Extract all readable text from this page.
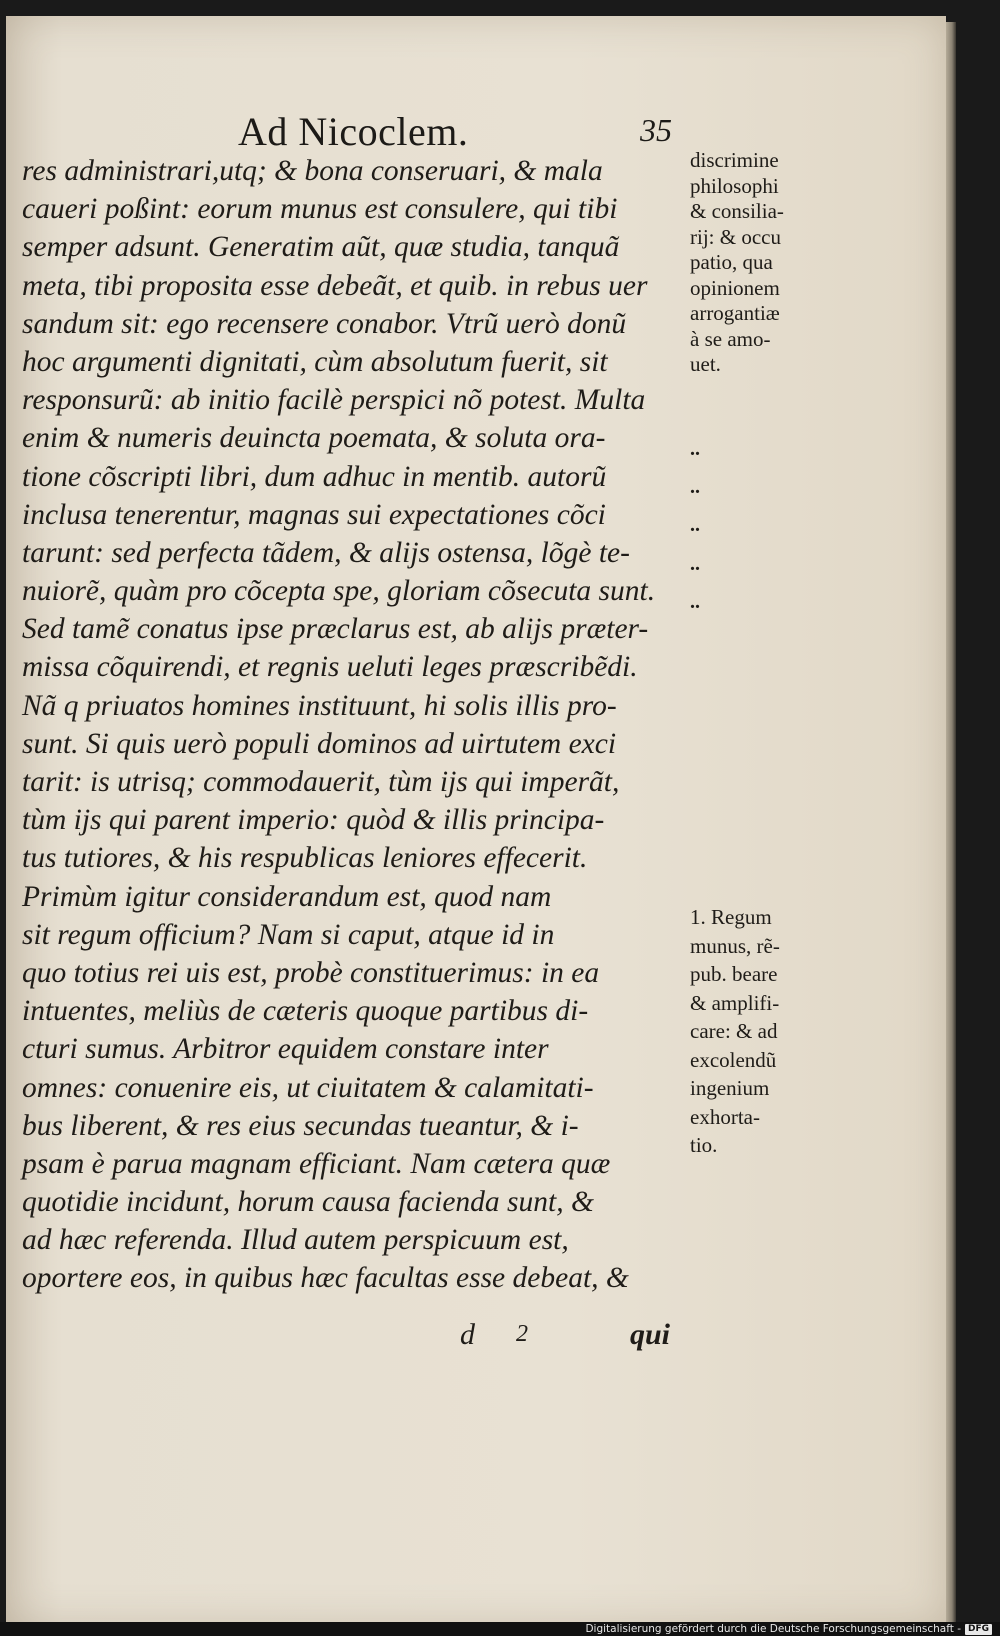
Ad Nicoclem.	35
res administrari,utq; & bona conseruari, & mala
caueri poßint: eorum munus est consulere, qui tibi
semper adsunt. Generatim aũt, quæ studia, tanquã
meta, tibi proposita esse debeãt, et quib. in rebus uer
sandum sit: ego recensere conabor. Vtrũ uerò donũ
hoc argumenti dignitati, cùm absolutum fuerit, sit
responsurũ: ab initio facilè perspici nõ potest. Multa
enim & numeris deuincta poemata, & soluta ora-
tione cõscripti libri, dum adhuc in mentib. autorũ
inclusa tenerentur, magnas sui expectationes cõci
tarunt: sed perfecta tãdem, & alijs ostensa, lõgè te-
nuiorẽ, quàm pro cõcepta spe, gloriam cõsecuta sunt.
Sed tamẽ conatus ipse præclarus est, ab alijs præter-
missa cõquirendi, et regnis ueluti leges præscribẽdi.
Nã q priuatos homines instituunt, hi solis illis pro-
sunt. Si quis uerò populi dominos ad uirtutem exci
tarit: is utrisq; commodauerit, tùm ijs qui imperãt,
tùm ijs qui parent imperio: quòd & illis principa-
tus tutiores, & his respublicas leniores effecerit.
Primùm igitur considerandum est, quod nam
sit regum officium? Nam si caput, atque id in
quo totius rei uis est, probè constituerimus: in ea
intuentes, meliùs de cæteris quoque partibus di-
cturi sumus. Arbitror equidem constare inter
omnes: conuenire eis, ut ciuitatem & calamitati-
bus liberent, & res eius secundas tueantur, & i-
psam è parua magnam efficiant. Nam cætera quæ
quotidie incidunt, horum causa facienda sunt, &
ad hæc referenda. Illud autem perspicuum est,
oportere eos, in quibus hæc facultas esse debeat, &
d 2	qui
discrimine
philosophi
& consilia-
rij: & occu
patio, qua
opinionem
arrogantiæ
à se amo-
uet.
..
..
..
..
..
1. Regum
munus, rẽ-
pub. beare
& amplifi-
care: & ad
excolendũ
ingenium
exhorta-
tio.
Digitalisierung gefördert durch die Deutsche Forschungsgemeinschaft - DFG
